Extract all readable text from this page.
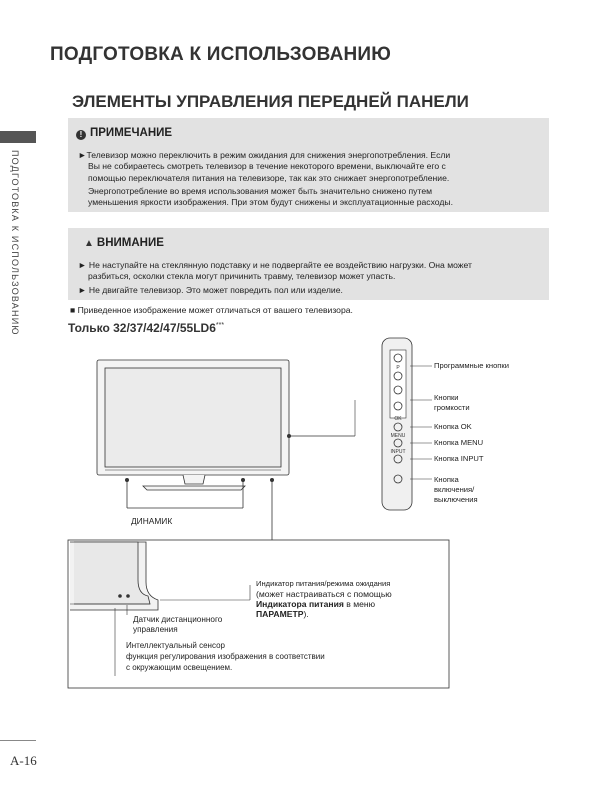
ПОДГОТОВКА К ИСПОЛЬЗОВАНИЮ
ЭЛЕМЕНТЫ УПРАВЛЕНИЯ ПЕРЕДНЕЙ ПАНЕЛИ
ПОДГОТОВКА К ИСПОЛЬЗОВАНИЮ
! ПРИМЕЧАНИЕ
►Телевизор можно переключить в режим ожидания для снижения энергопотребления. Если
Вы не собираетесь смотреть телевизор в течение некоторого времени, выключайте его с
помощью переключателя питания на телевизоре, так как это снижает энергопотребление.
Энергопотребление во время использования может быть значительно снижено путем
уменьшения яркости изображения. При этом будут снижены и эксплуатационные расходы.
▲ ВНИМАНИЕ
► Не наступайте на стеклянную подставку и не подвергайте ее воздействию нагрузки. Она может
разбиться, осколки стекла могут причинить травму, телевизор может упасть.
► Не двигайте телевизор. Это может повредить пол или изделие.
■ Приведенное изображение может отличаться от вашего телевизора.
Только 32/37/42/47/55LD6***
P
OK
MENU
INPUT
Программные кнопки
Кнопки
громкости
Кнопка OK
Кнопка MENU
Кнопка INPUT
Кнопка
включения/
выключения
ДИНАМИК
Индикатор питания/режима ожидания
(может настраиваться с помощью
Индикатора питания в меню
ПАРАМЕТР).
Датчик дистанционного
управления
Интеллектуальный сенсор
функция регулирования изображения в соответствии
с окружающим освещением.
A-16
